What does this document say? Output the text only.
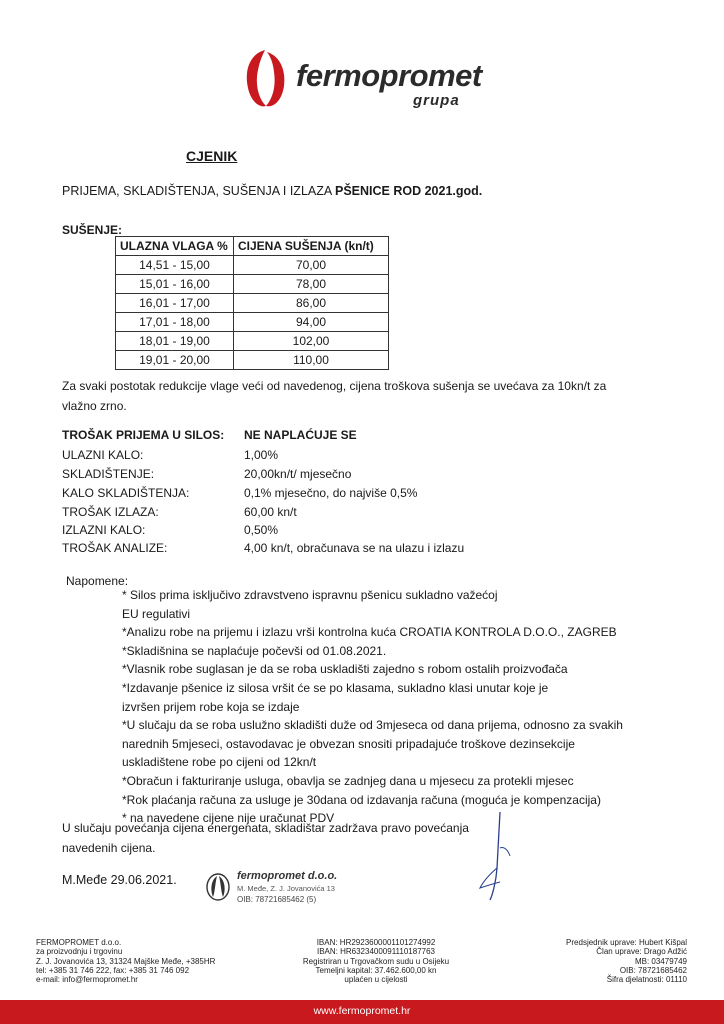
fermopromet
grupa
CJENIK
PRIJEMA, SKLADIŠTENJA, SUŠENJA I IZLAZA PŠENICE ROD 2021.god.
SUŠENJE:
ULAZNA VLAGA %	CIJENA SUŠENJA (kn/t)
14,51 - 15,00	70,00
15,01 - 16,00	78,00
16,01 - 17,00	86,00
17,01 - 18,00	94,00
18,01 - 19,00	102,00
19,01 - 20,00	110,00
Za svaki postotak redukcije vlage veći od navedenog, cijena troškova sušenja se uvećava za 10kn/t za vlažno zrno.
TROŠAK PRIJEMA U SILOS: NE NAPLAĆUJE SE
ULAZNI KALO:	1,00%
SKLADIŠTENJE:	20,00kn/t/ mjesečno
KALO SKLADIŠTENJA:	0,1% mjesečno, do najviše 0,5%
TROŠAK IZLAZA:	60,00 kn/t
IZLAZNI KALO:	0,50%
TROŠAK ANALIZE:	4,00 kn/t, obračunava se na ulazu i izlazu
Napomene:

* Silos prima isključivo zdravstveno ispravnu pšenicu sukladno važećoj

EU regulativi

*Analizu robe na prijemu i izlazu vrši kontrolna kuća CROATIA KONTROLA D.O.O., ZAGREB

*Skladišnina se naplaćuje počevši od 01.08.2021.

*Vlasnik robe suglasan je da se roba uskladišti zajedno s robom ostalih proizvođača

*Izdavanje pšenice iz silosa vršit će se po klasama, sukladno klasi unutar koje je

izvršen prijem robe koja se izdaje

*U slučaju da se roba uslužno skladišti duže od 3mjeseca od dana prijema, odnosno za svakih

narednih 5mjeseci, ostavodavac je obvezan snositi pripadajuće troškove dezinsekcije

uskladištene robe po cijeni od 12kn/t

*Obračun i fakturiranje usluga, obavlja se zadnjeg dana u mjesecu za protekli mjesec

*Rok plaćanja računa za usluge je 30dana od izdavanja računa (moguća je kompenzacija)

* na navedene cijene nije uračunat PDV

U slučaju povećanja cijena energenata, skladištar zadržava pravo povećanja navedenih cijena.
M.Međe 29.06.2021.	fermopromet d.o.o.
M. Međe, Z. J. Jovanovića 13
OIB: 78721685462 (5)
FERMOPROMET d.o.o.
za proizvodnju i trgovinu
Z. J. Jovanovića 13, 31324 Majške Međe, +385HR
tel: +385 31 746 222, fax: +385 31 746 092
e-mail: info@fermopromet.hr
IBAN: HR2923600001101274992
IBAN: HR6323400091110187763
Registriran u Trgovačkom sudu u Osijeku
Temeljni kapital: 37.462.600,00 kn
uplaćen u cijelosti
Predsjednik uprave: Hubert Kišpal
Član uprave: Drago Adžić
MB: 03479749
OIB: 78721685462
Šifra djelatnosti: 01110
www.fermopromet.hr
